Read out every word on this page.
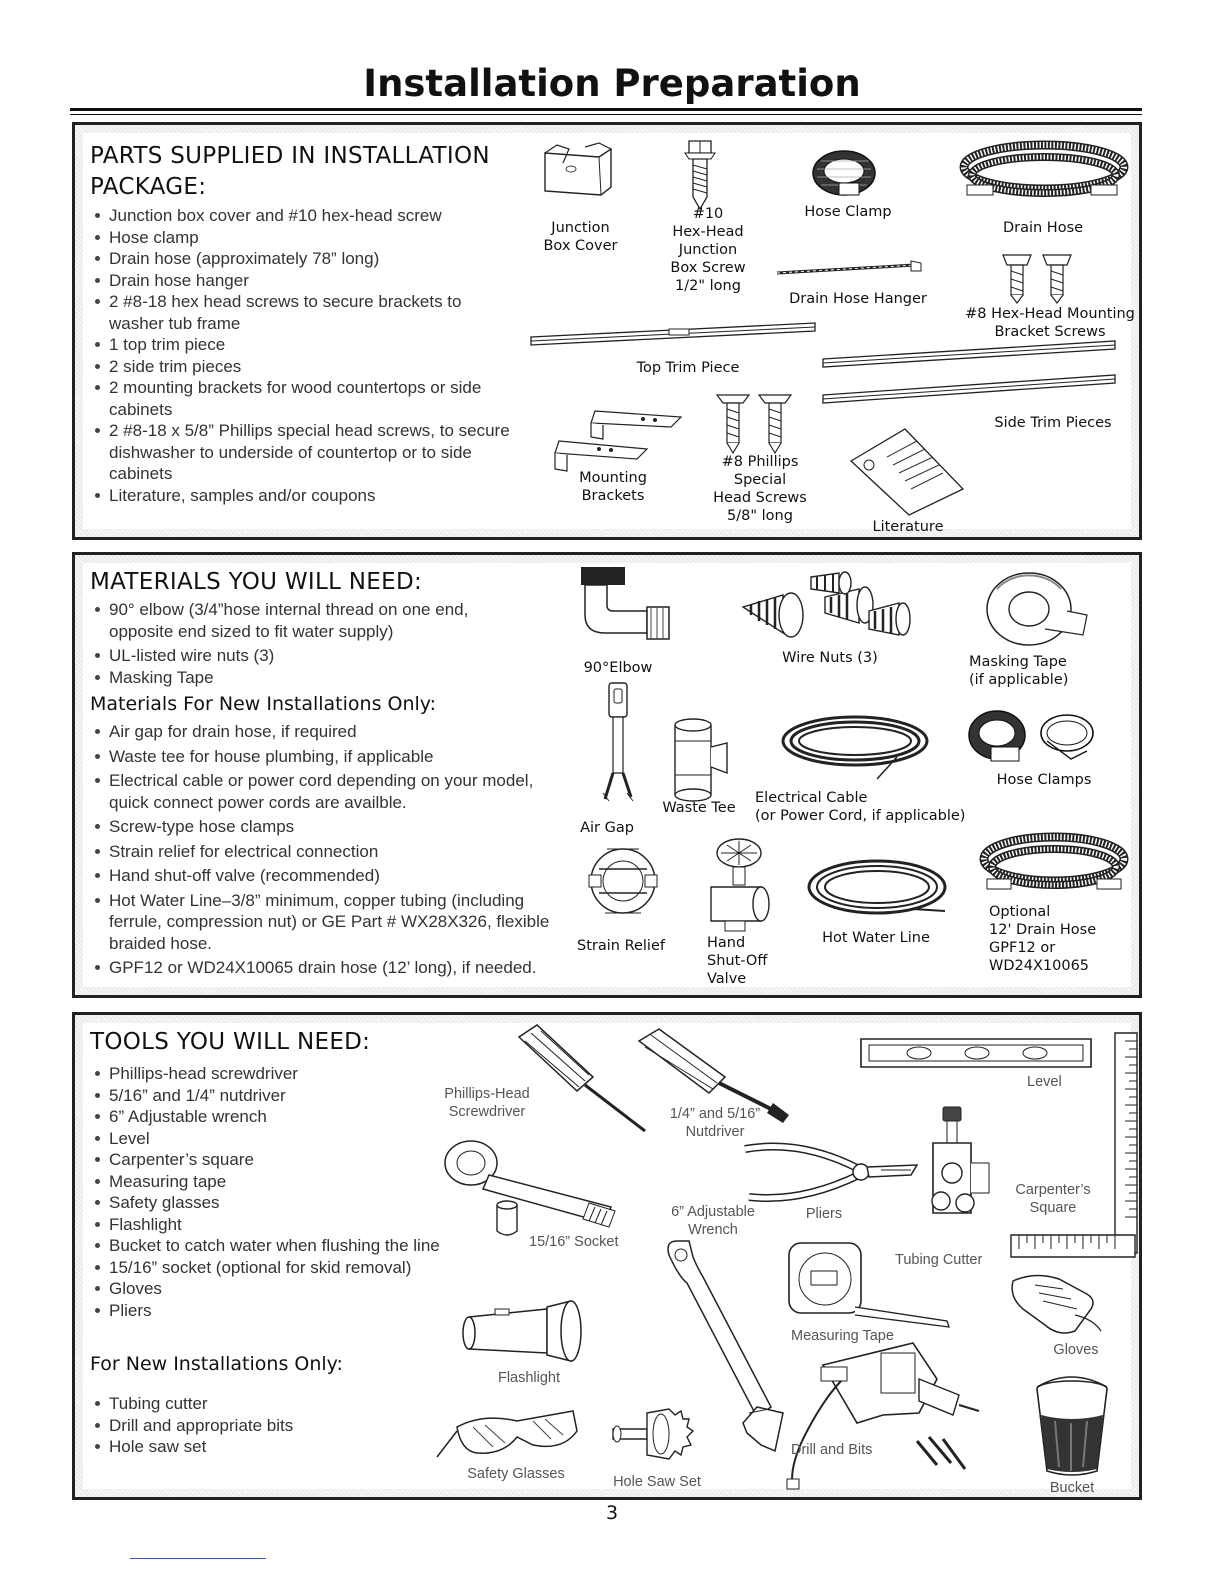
Installation Preparation
PARTS SUPPLIED IN INSTALLATION
PACKAGE:
Junction box cover and #10 hex-head screw
Hose clamp
Drain hose (approximately 78” long)
Drain hose hanger
2 #8-18 hex head screws to secure brackets to washer tub frame
1 top trim piece
2 side trim pieces
2 mounting brackets for wood countertops or side cabinets
2 #8-18 x 5/8” Phillips special head screws, to secure dishwasher to underside of countertop or to side cabinets
Literature, samples and/or coupons
Junction
Box Cover
#10
Hex-Head
Junction
Box Screw
1/2" long
Hose Clamp
Drain Hose
Drain Hose Hanger
#8 Hex-Head Mounting
Bracket Screws
Top Trim Piece
Side Trim Pieces
Mounting
Brackets
#8 Phillips
Special
Head Screws
5/8" long
Literature
MATERIALS YOU WILL NEED:
90° elbow (3/4”hose internal thread on one end, opposite end sized to fit water supply)
UL-listed wire nuts (3)
Masking Tape
Materials For New Installations Only:
Air gap for drain hose, if required
Waste tee for house plumbing, if applicable
Electrical cable or power cord depending on your model, quick connect power cords are availble.
Screw-type hose clamps
Strain relief for electrical connection
Hand shut-off valve (recommended)
Hot Water Line–3/8” minimum, copper tubing (including ferrule, compression nut) or GE Part # WX28X326, flexible braided hose.
GPF12 or WD24X10065 drain hose (12’ long), if needed.
90°Elbow
Wire Nuts (3)	Masking Tape
(if applicable)
Air Gap
Waste Tee
Electrical Cable
(or Power Cord, if applicable)
Hose Clamps
Strain Relief	Hand
Shut-Off
Valve
Hot Water Line
Optional
12' Drain Hose
GPF12 or
WD24X10065
TOOLS YOU WILL NEED:
Phillips-head screwdriver
5/16” and 1/4” nutdriver
6” Adjustable wrench
Level
Carpenter’s square
Measuring tape
Safety glasses
Flashlight
Bucket to catch water when flushing the line
15/16” socket (optional for skid removal)
Gloves
Pliers
For New Installations Only:
Tubing cutter
Drill and appropriate bits
Hole saw set
Phillips-Head
Screwdriver	1/4” and 5/16”
Nutdriver
Level
Carpenter’s
Square
15/16” Socket
6” Adjustable
Wrench
Pliers
Tubing Cutter
Measuring Tape
Gloves
Flashlight
Safety Glasses	Hole Saw Set
Drill and Bits
Bucket
3
